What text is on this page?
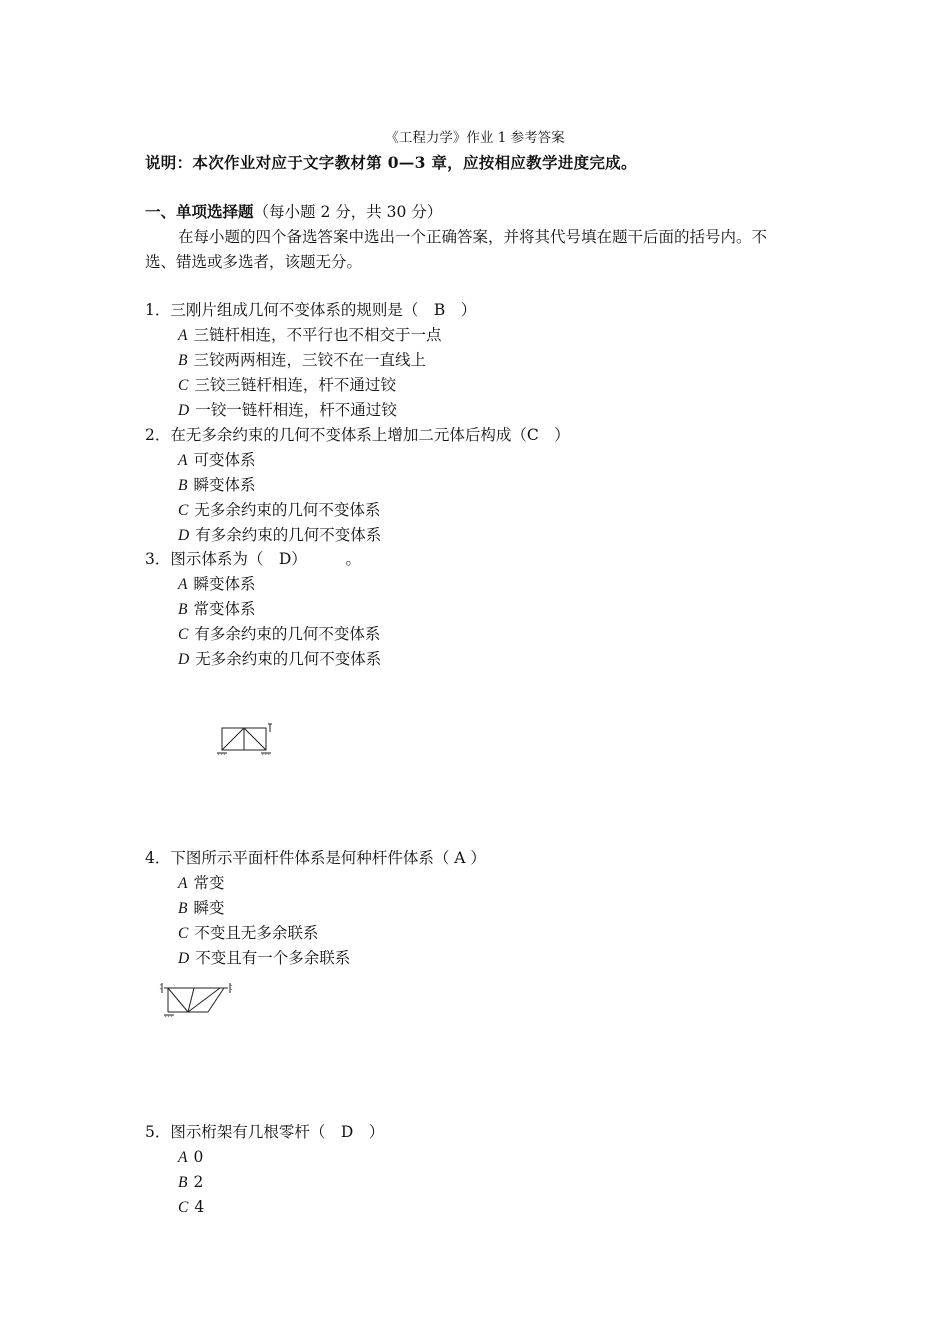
《工程力学》作业 1 参考答案
说明：本次作业对应于文字教材第 0—3 章，应按相应教学进度完成。
一、单项选择题（每小题 2 分，共 30 分）
在每小题的四个备选答案中选出一个正确答案，并将其代号填在题干后面的括号内。不
选、错选或多选者，该题无分。
1．三刚片组成几何不变体系的规则是（　B　）
A 三链杆相连，不平行也不相交于一点
B 三铰两两相连，三铰不在一直线上
C 三铰三链杆相连，杆不通过铰
D 一铰一链杆相连，杆不通过铰
2．在无多余约束的几何不变体系上增加二元体后构成（C　）
A 可变体系
B 瞬变体系
C 无多余约束的几何不变体系
D 有多余约束的几何不变体系
3．图示体系为（　D）　　　。
A 瞬变体系
B 常变体系
C 有多余约束的几何不变体系
D 无多余约束的几何不变体系
4．下图所示平面杆件体系是何种杆件体系（ A ）
A 常变
B 瞬变
C 不变且无多余联系
D 不变且有一个多余联系
5．图示桁架有几根零杆（　D　）
A 0
B 2
C 4
